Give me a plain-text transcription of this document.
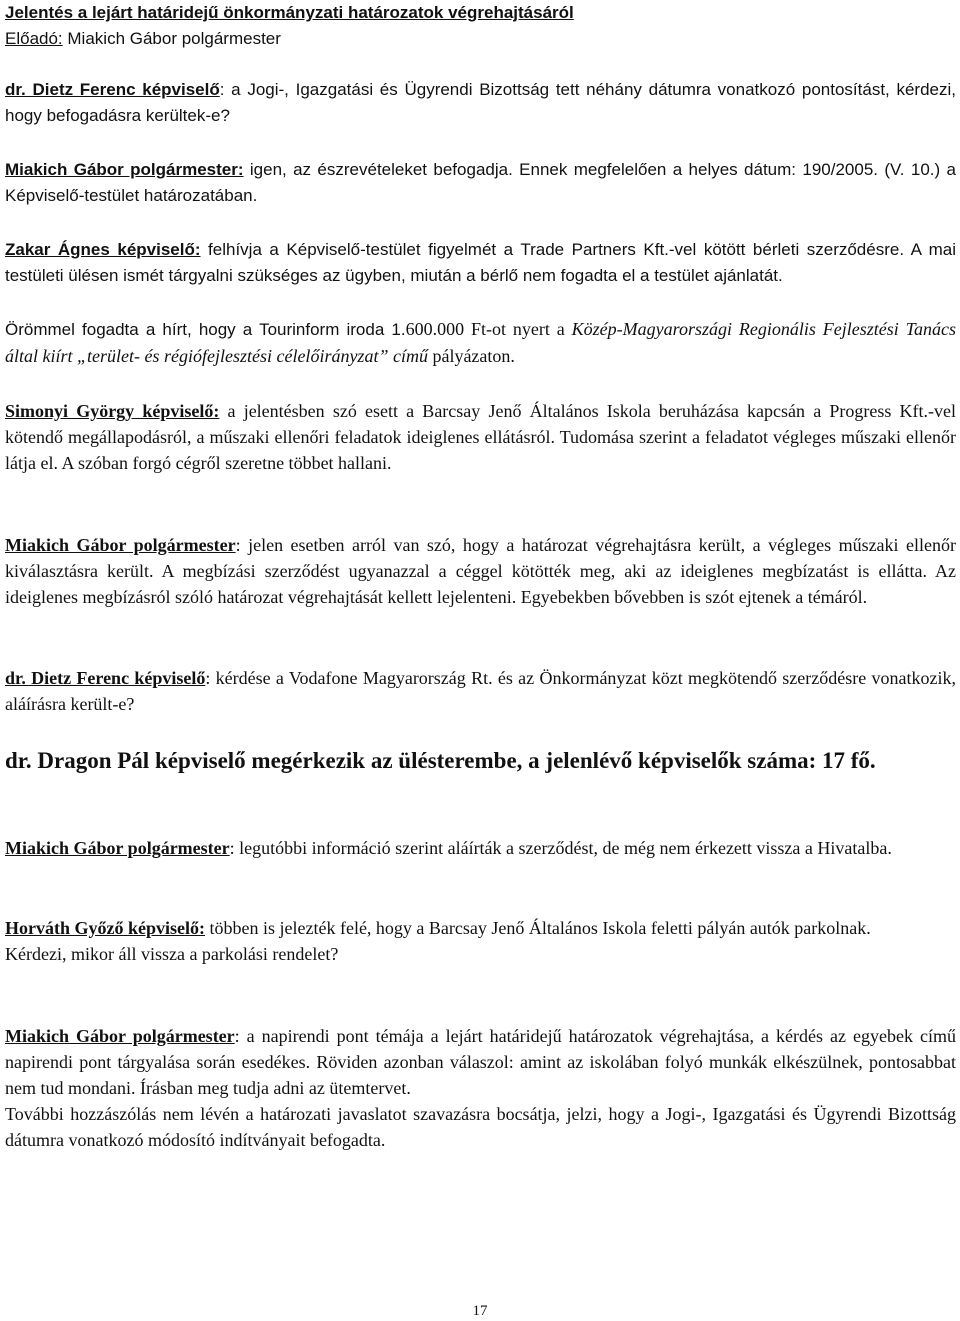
Jelentés a lejárt határidejű önkormányzati határozatok végrehajtásáról

Előadó: Miakich Gábor polgármester

dr. Dietz Ferenc képviselő: a Jogi-, Igazgatási és Ügyrendi Bizottság tett néhány dátumra vonatkozó pontosítást, kérdezi, hogy befogadásra kerültek-e?

Miakich Gábor polgármester: igen, az észrevételeket befogadja. Ennek megfelelően a helyes dátum: 190/2005. (V. 10.) a Képviselő-testület határozatában.

Zakar Ágnes képviselő: felhívja a Képviselő-testület figyelmét a Trade Partners Kft.-vel kötött bérleti szerződésre. A mai testületi ülésen ismét tárgyalni szükséges az ügyben, miután a bérlő nem fogadta el a testület ajánlatát.

Örömmel fogadta a hírt, hogy a Tourinform iroda 1.600.000 Ft-ot nyert a Közép-Magyarországi Regionális Fejlesztési Tanács által kiírt „terület- és régiófejlesztési célelőirányzat” című pályázaton.

Simonyi György képviselő: a jelentésben szó esett a Barcsay Jenő Általános Iskola beruházása kapcsán a Progress Kft.-vel kötendő megállapodásról, a műszaki ellenőri feladatok ideiglenes ellátásról. Tudomása szerint a feladatot végleges műszaki ellenőr látja el. A szóban forgó cégről szeretne többet hallani.

Miakich Gábor polgármester: jelen esetben arról van szó, hogy a határozat végrehajtásra került, a végleges műszaki ellenőr kiválasztásra került. A megbízási szerződést ugyanazzal a céggel kötötték meg, aki az ideiglenes megbízatást is ellátta. Az ideiglenes megbízásról szóló határozat végrehajtását kellett lejelenteni. Egyebekben bővebben is szót ejtenek a témáról.

dr. Dietz Ferenc képviselő: kérdése a Vodafone Magyarország Rt. és az Önkormányzat közt megkötendő szerződésre vonatkozik, aláírásra került-e?

dr. Dragon Pál képviselő megérkezik az ülésterembe, a jelenlévő képviselők száma: 17 fő.

Miakich Gábor polgármester: legutóbbi információ szerint aláírták a szerződést, de még nem érkezett vissza a Hivatalba.

Horváth Győző képviselő: többen is jelezték felé, hogy a Barcsay Jenő Általános Iskola feletti pályán autók parkolnak.

Kérdezi, mikor áll vissza a parkolási rendelet?

Miakich Gábor polgármester: a napirendi pont témája a lejárt határidejű határozatok végrehajtása, a kérdés az egyebek című napirendi pont tárgyalása során esedékes. Röviden azonban válaszol: amint az iskolában folyó munkák elkészülnek, pontosabbat nem tud mondani. Írásban meg tudja adni az ütemtervet.

További hozzászólás nem lévén a határozati javaslatot szavazásra bocsátja, jelzi, hogy a Jogi-, Igazgatási és Ügyrendi Bizottság dátumra vonatkozó módosító indítványait befogadta.

17
